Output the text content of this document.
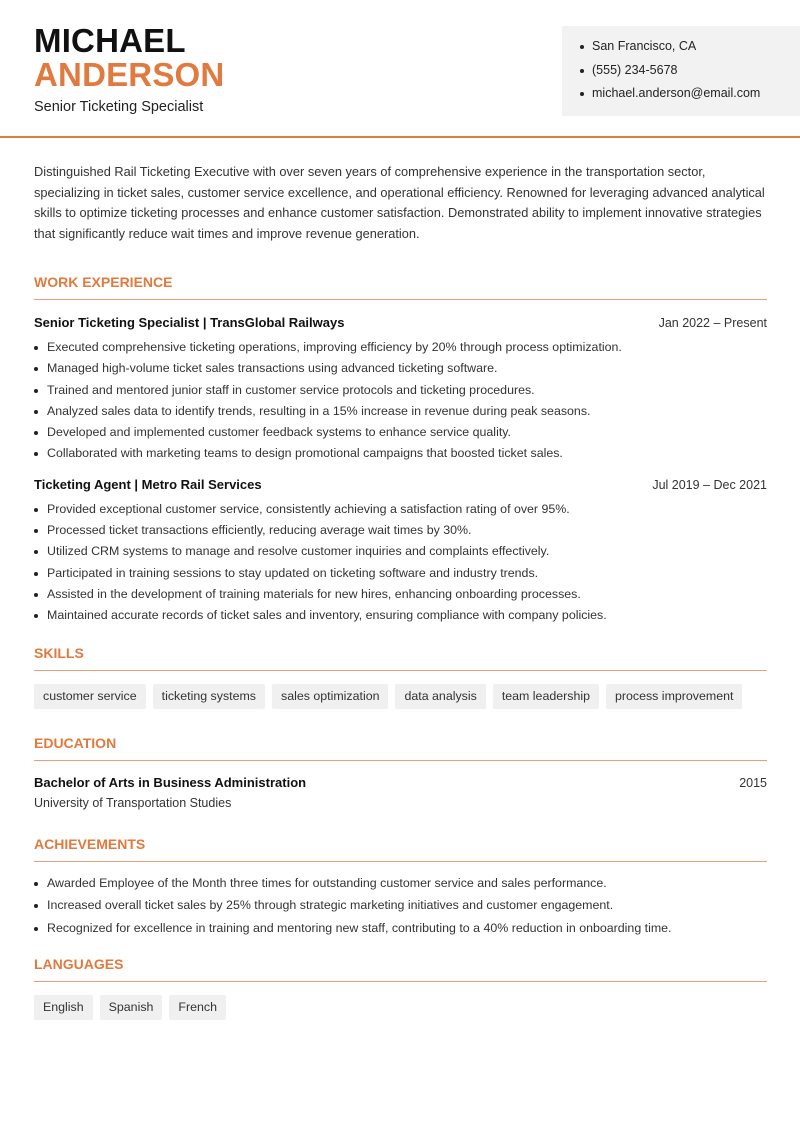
MICHAEL
ANDERSON
Senior Ticketing Specialist
San Francisco, CA
(555) 234-5678
michael.anderson@email.com

Distinguished Rail Ticketing Executive with over seven years of comprehensive experience in the transportation sector, specializing in ticket sales, customer service excellence, and operational efficiency. Renowned for leveraging advanced analytical skills to optimize ticketing processes and enhance customer satisfaction. Demonstrated ability to implement innovative strategies that significantly reduce wait times and improve revenue generation.

WORK EXPERIENCE
Senior Ticketing Specialist | TransGlobal Railways	Jan 2022 – Present
Executed comprehensive ticketing operations, improving efficiency by 20% through process optimization.
Managed high-volume ticket sales transactions using advanced ticketing software.
Trained and mentored junior staff in customer service protocols and ticketing procedures.
Analyzed sales data to identify trends, resulting in a 15% increase in revenue during peak seasons.
Developed and implemented customer feedback systems to enhance service quality.
Collaborated with marketing teams to design promotional campaigns that boosted ticket sales.
Ticketing Agent | Metro Rail Services	Jul 2019 – Dec 2021
Provided exceptional customer service, consistently achieving a satisfaction rating of over 95%.
Processed ticket transactions efficiently, reducing average wait times by 30%.
Utilized CRM systems to manage and resolve customer inquiries and complaints effectively.
Participated in training sessions to stay updated on ticketing software and industry trends.
Assisted in the development of training materials for new hires, enhancing onboarding processes.
Maintained accurate records of ticket sales and inventory, ensuring compliance with company policies.
SKILLS
customer service	ticketing systems	sales optimization	data analysis	team leadership	process improvement
EDUCATION
Bachelor of Arts in Business Administration	2015
University of Transportation Studies
ACHIEVEMENTS
Awarded Employee of the Month three times for outstanding customer service and sales performance.
Increased overall ticket sales by 25% through strategic marketing initiatives and customer engagement.
Recognized for excellence in training and mentoring new staff, contributing to a 40% reduction in onboarding time.
LANGUAGES
English	Spanish	French
